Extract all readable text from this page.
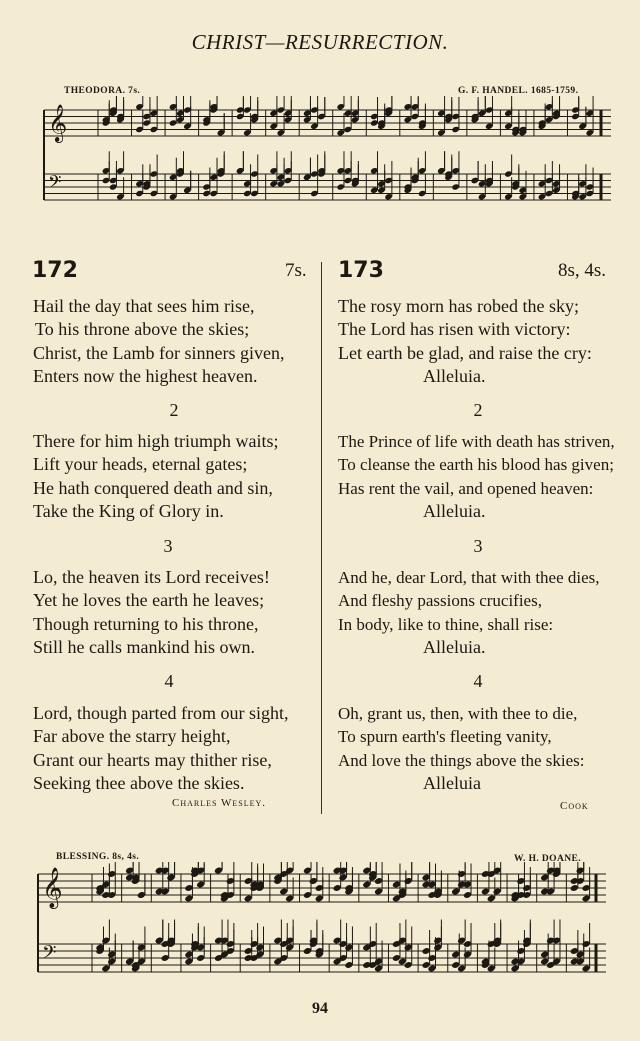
CHRIST—RESURRECTION.
THEODORA. 7s.	G. F. HANDEL. 1685-1759.
𝄞
𝄢
172	7s.
Hail the day that sees him rise,
To his throne above the skies;
Christ, the Lamb for sinners given,
Enters now the highest heaven.
2
There for him high triumph waits;
Lift your heads, eternal gates;
He hath conquered death and sin,
Take the King of Glory in.
3
Lo, the heaven its Lord receives!
Yet he loves the earth he leaves;
Though returning to his throne,
Still he calls mankind his own.
4
Lord, though parted from our sight,
Far above the starry height,
Grant our hearts may thither rise,
Seeking thee above the skies.
Charles Wesley.
173	8s, 4s.
The rosy morn has robed the sky;
The Lord has risen with victory:
Let earth be glad, and raise the cry:
Alleluia.
2
The Prince of life with death has striven,
To cleanse the earth his blood has given;
Has rent the vail, and opened heaven:
Alleluia.
3
And he, dear Lord, that with thee dies,
And fleshy passions crucifies,
In body, like to thine, shall rise:
Alleluia.
4
Oh, grant us, then, with thee to die,
To spurn earth's fleeting vanity,
And love the things above the skies:
Alleluia
Cook
BLESSING. 8s, 4s.	W. H. DOANE.
𝄞
𝄢
94
